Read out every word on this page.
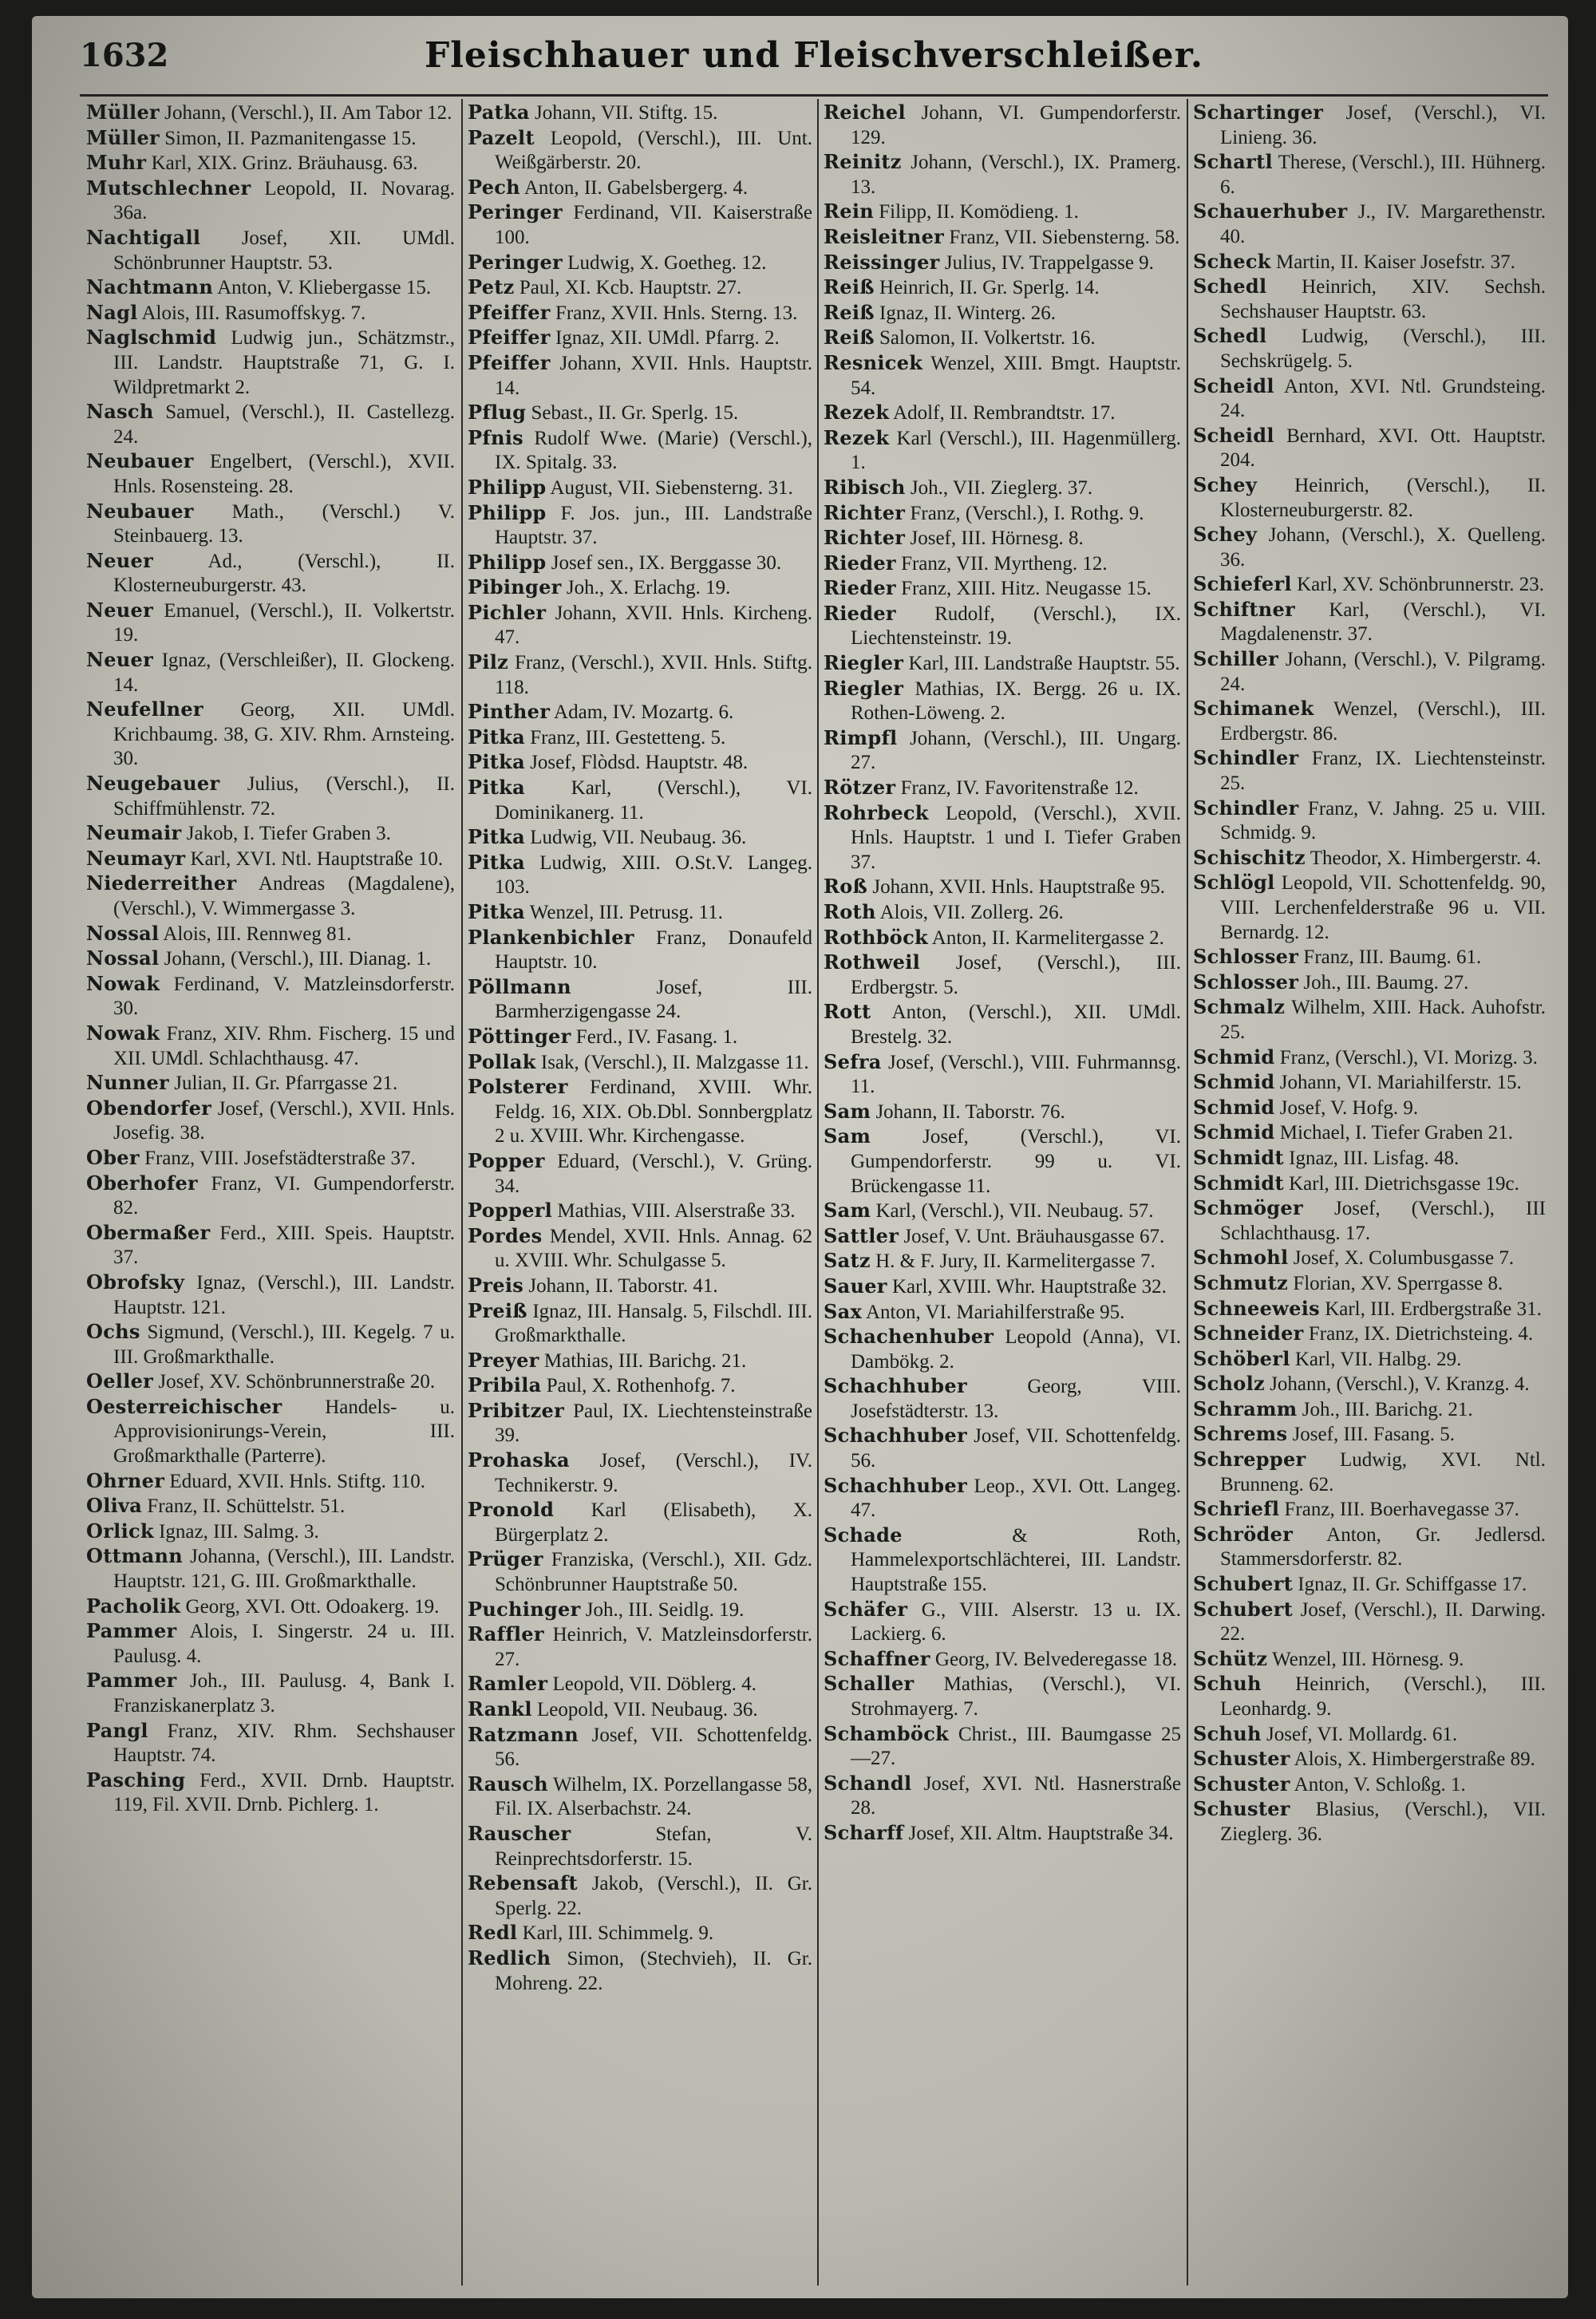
1632	Fleischhauer und Fleischverschleißer.
Müller Johann, (Verschl.), II. Am Tabor 12.
Müller Simon, II. Pazmanitengasse 15.
Muhr Karl, XIX. Grinz. Bräuhausg. 63.
Mutschlechner Leopold, II. Novarag. 36a.
Nachtigall Josef, XII. UMdl. Schönbrunner Hauptstr. 53.
Nachtmann Anton, V. Kliebergasse 15.
Nagl Alois, III. Rasumoffskyg. 7.
Naglschmid Ludwig jun., Schätzmstr., III. Landstr. Hauptstraße 71, G. I. Wildpretmarkt 2.
Nasch Samuel, (Verschl.), II. Castellezg. 24.
Neubauer Engelbert, (Verschl.), XVII. Hnls. Rosensteing. 28.
Neubauer Math., (Verschl.) V. Steinbauerg. 13.
Neuer	Ad., (Verschl.), II. Klosterneuburgerstr. 43.
Neuer Emanuel, (Verschl.), II. Volkertstr. 19.
Neuer Ignaz, (Verschleißer), II. Glockeng. 14.
Neufellner Georg, XII. UMdl. Krichbaumg. 38, G. XIV. Rhm. Arnsteing. 30.
Neugebauer Julius, (Verschl.), II. Schiffmühlenstr. 72.
Neumair Jakob, I. Tiefer Graben 3.
Neumayr Karl, XVI. Ntl. Hauptstraße 10.
Niederreither Andreas (Magdalene), (Verschl.), V. Wimmergasse 3.
Nossal Alois, III. Rennweg 81.
Nossal Johann, (Verschl.), III. Dianag. 1.
Nowak Ferdinand, V. Matzleinsdorferstr. 30.
Nowak Franz, XIV. Rhm. Fischerg. 15 und XII. UMdl. Schlachthausg. 47.
Nunner Julian, II. Gr. Pfarrgasse 21.
Obendorfer Josef, (Verschl.), XVII. Hnls. Josefig. 38.
Ober Franz, VIII. Josefstädterstraße 37.
Oberhofer Franz, VI. Gumpendorferstr. 82.
Obermaßer Ferd., XIII. Speis. Hauptstr. 37.
Obrofsky Ignaz, (Verschl.), III. Landstr. Hauptstr. 121.
Ochs Sigmund, (Verschl.), III. Kegelg. 7 u. III. Großmarkthalle.
Oeller Josef, XV. Schönbrunnerstraße 20.
Oesterreichischer Handels- u. Approvisionirungs-Verein, III. Großmarkthalle (Parterre).
Ohrner Eduard, XVII. Hnls. Stiftg. 110.
Oliva Franz, II. Schüttelstr. 51.
Orlick Ignaz, III. Salmg. 3.
Ottmann Johanna, (Verschl.), III. Landstr. Hauptstr. 121, G. III. Großmarkthalle.
Pacholik Georg, XVI. Ott. Odoakerg. 19.
Pammer Alois, I. Singerstr. 24 u. III. Paulusg. 4.
Pammer Joh., III. Paulusg. 4, Bank I. Franziskanerplatz 3.
Pangl Franz, XIV. Rhm. Sechshauser Hauptstr. 74.
Pasching Ferd., XVII. Drnb. Hauptstr. 119, Fil. XVII. Drnb. Pichlerg. 1.
Patka Johann, VII. Stiftg. 15.
Pazelt Leopold, (Verschl.), III. Unt. Weißgärberstr. 20.
Pech Anton, II. Gabelsbergerg. 4.
Peringer Ferdinand, VII. Kaiserstraße 100.
Peringer Ludwig, X. Goetheg. 12.
Petz Paul, XI. Kcb. Hauptstr. 27.
Pfeiffer Franz, XVII. Hnls. Sterng. 13.
Pfeiffer Ignaz, XII. UMdl. Pfarrg. 2.
Pfeiffer Johann, XVII. Hnls. Hauptstr. 14.
Pflug Sebast., II. Gr. Sperlg. 15.
Pfnis Rudolf Wwe. (Marie) (Verschl.), IX. Spitalg. 33.
Philipp August, VII. Siebensterng. 31.
Philipp F. Jos. jun., III. Landstraße Hauptstr. 37.
Philipp Josef sen., IX. Berggasse 30.
Pibinger Joh., X. Erlachg. 19.
Pichler Johann, XVII. Hnls. Kircheng. 47.
Pilz Franz, (Verschl.), XVII. Hnls. Stiftg. 118.
Pinther Adam, IV. Mozartg. 6.
Pitka Franz, III. Gestetteng. 5.
Pitka Josef, Flòdsd. Hauptstr. 48.
Pitka Karl, (Verschl.), VI. Dominikanerg. 11.
Pitka Ludwig, VII. Neubaug. 36.
Pitka Ludwig, XIII. O.St.V. Langeg. 103.
Pitka Wenzel, III. Petrusg. 11.
Plankenbichler Franz, Donaufeld Hauptstr. 10.
Pöllmann	Josef, III. Barmherzigengasse 24.
Pöttinger Ferd., IV. Fasang. 1.
Pollak Isak, (Verschl.), II. Malzgasse 11.
Polsterer Ferdinand, XVIII. Whr. Feldg. 16, XIX. Ob.Dbl. Sonnbergplatz 2 u. XVIII. Whr. Kirchengasse.
Popper Eduard, (Verschl.), V. Grüng. 34.
Popperl Mathias, VIII. Alserstraße 33.
Pordes Mendel, XVII. Hnls. Annag. 62 u. XVIII. Whr. Schulgasse 5.
Preis Johann, II. Taborstr. 41.
Preiß Ignaz, III. Hansalg. 5, Filschdl. III. Großmarkthalle.
Preyer Mathias, III. Barichg. 21.
Pribila Paul, X. Rothenhofg. 7.
Pribitzer Paul, IX. Liechtensteinstraße 39.
Prohaska Josef, (Verschl.), IV. Technikerstr. 9.
Pronold Karl (Elisabeth), X. Bürgerplatz 2.
Prüger Franziska, (Verschl.), XII. Gdz. Schönbrunner Hauptstraße 50.
Puchinger Joh., III. Seidlg. 19.
Raffler Heinrich, V. Matzleinsdorferstr. 27.
Ramler Leopold, VII. Döblerg. 4.
Rankl Leopold, VII. Neubaug. 36.
Ratzmann Josef, VII. Schottenfeldg. 56.
Rausch Wilhelm, IX. Porzellangasse 58, Fil. IX. Alserbachstr. 24.
Rauscher	Stefan, V. Reinprechtsdorferstr. 15.
Rebensaft Jakob, (Verschl.), II. Gr. Sperlg. 22.
Redl Karl, III. Schimmelg. 9.
Redlich Simon, (Stechvieh), II. Gr. Mohreng. 22.
Reichel Johann, VI. Gumpendorferstr. 129.
Reinitz Johann, (Verschl.), IX. Pramerg. 13.
Rein Filipp, II. Komödieng. 1.
Reisleitner Franz, VII. Siebensterng. 58.
Reissinger Julius, IV. Trappelgasse 9.
Reiß Heinrich, II. Gr. Sperlg. 14.
Reiß Ignaz, II. Winterg. 26.
Reiß Salomon, II. Volkertstr. 16.
Resnicek Wenzel, XIII. Bmgt. Hauptstr. 54.
Rezek Adolf, II. Rembrandtstr. 17.
Rezek Karl (Verschl.), III. Hagenmüllerg. 1.
Ribisch Joh., VII. Zieglerg. 37.
Richter Franz, (Verschl.), I. Rothg. 9.
Richter Josef, III. Hörnesg. 8.
Rieder Franz, VII. Myrtheng. 12.
Rieder Franz, XIII. Hitz. Neugasse 15.
Rieder Rudolf, (Verschl.), IX. Liechtensteinstr. 19.
Riegler Karl, III. Landstraße Hauptstr. 55.
Riegler Mathias, IX. Bergg. 26 u. IX. Rothen-Löweng. 2.
Rimpfl Johann, (Verschl.), III. Ungarg. 27.
Rötzer Franz, IV. Favoritenstraße 12.
Rohrbeck Leopold, (Verschl.), XVII. Hnls. Hauptstr. 1 und I. Tiefer Graben 37.
Roß Johann, XVII. Hnls. Hauptstraße 95.
Roth Alois, VII. Zollerg. 26.
Rothböck Anton, II. Karmelitergasse 2.
Rothweil Josef, (Verschl.), III. Erdbergstr. 5.
Rott Anton, (Verschl.), XII. UMdl. Brestelg. 32.
Sefra Josef, (Verschl.), VIII. Fuhrmannsg. 11.
Sam Johann, II. Taborstr. 76.
Sam	Josef, (Verschl.), VI. Gumpendorferstr. 99 u. VI. Brückengasse 11.
Sam Karl, (Verschl.), VII. Neubaug. 57.
Sattler Josef, V. Unt. Bräuhausgasse 67.
Satz H. & F. Jury, II. Karmelitergasse 7.
Sauer Karl, XVIII. Whr. Hauptstraße 32.
Sax Anton, VI. Mariahilferstraße 95.
Schachenhuber Leopold (Anna), VI. Dambökg. 2.
Schachhuber	Georg, VIII. Josefstädterstr. 13.
Schachhuber Josef, VII. Schottenfeldg. 56.
Schachhuber Leop., XVI. Ott. Langeg. 47.
Schade	& Roth, Hammelexportschlächterei, III. Landstr. Hauptstraße 155.
Schäfer G., VIII. Alserstr. 13 u. IX. Lackierg. 6.
Schaffner Georg, IV. Belvederegasse 18.
Schaller Mathias, (Verschl.), VI. Strohmayerg. 7.
Schamböck Christ., III. Baumgasse 25—27.
Schandl Josef, XVI. Ntl. Hasnerstraße 28.
Scharff Josef, XII. Altm. Hauptstraße 34.
Schartinger Josef, (Verschl.), VI. Linieng. 36.
Schartl Therese, (Verschl.), III. Hühnerg. 6.
Schauerhuber J., IV. Margarethenstr. 40.
Scheck Martin, II. Kaiser Josefstr. 37.
Schedl Heinrich, XIV. Sechsh. Sechshauser Hauptstr. 63.
Schedl Ludwig, (Verschl.), III. Sechskrügelg. 5.
Scheidl Anton, XVI. Ntl. Grundsteing. 24.
Scheidl Bernhard, XVI. Ott. Hauptstr. 204.
Schey Heinrich, (Verschl.), II. Klosterneuburgerstr. 82.
Schey Johann, (Verschl.), X. Quelleng. 36.
Schieferl Karl, XV. Schönbrunnerstr. 23.
Schiftner Karl, (Verschl.), VI. Magdalenenstr. 37.
Schiller Johann, (Verschl.), V. Pilgramg. 24.
Schimanek Wenzel, (Verschl.), III. Erdbergstr. 86.
Schindler Franz, IX. Liechtensteinstr. 25.
Schindler Franz, V. Jahng. 25 u. VIII. Schmidg. 9.
Schischitz Theodor, X. Himbergerstr. 4.
Schlögl Leopold, VII. Schottenfeldg. 90, VIII. Lerchenfelderstraße 96 u. VII. Bernardg. 12.
Schlosser Franz, III. Baumg. 61.
Schlosser Joh., III. Baumg. 27.
Schmalz Wilhelm, XIII. Hack. Auhofstr. 25.
Schmid Franz, (Verschl.), VI. Morizg. 3.
Schmid Johann, VI. Mariahilferstr. 15.
Schmid Josef, V. Hofg. 9.
Schmid Michael, I. Tiefer Graben 21.
Schmidt Ignaz, III. Lisfag. 48.
Schmidt Karl, III. Dietrichsgasse 19c.
Schmöger Josef, (Verschl.), III Schlachthausg. 17.
Schmohl Josef, X. Columbusgasse 7.
Schmutz Florian, XV. Sperrgasse 8.
Schneeweis Karl, III. Erdbergstraße 31.
Schneider Franz, IX. Dietrichsteing. 4.
Schöberl Karl, VII. Halbg. 29.
Scholz Johann, (Verschl.), V. Kranzg. 4.
Schramm Joh., III. Barichg. 21.
Schrems Josef, III. Fasang. 5.
Schrepper Ludwig, XVI. Ntl. Brunneng. 62.
Schriefl Franz, III. Boerhavegasse 37.
Schröder Anton, Gr. Jedlersd. Stammersdorferstr. 82.
Schubert Ignaz, II. Gr. Schiffgasse 17.
Schubert Josef, (Verschl.), II. Darwing. 22.
Schütz Wenzel, III. Hörnesg. 9.
Schuh Heinrich, (Verschl.), III. Leonhardg. 9.
Schuh Josef, VI. Mollardg. 61.
Schuster Alois, X. Himbergerstraße 89.
Schuster Anton, V. Schloßg. 1.
Schuster Blasius, (Verschl.), VII. Zieglerg. 36.
